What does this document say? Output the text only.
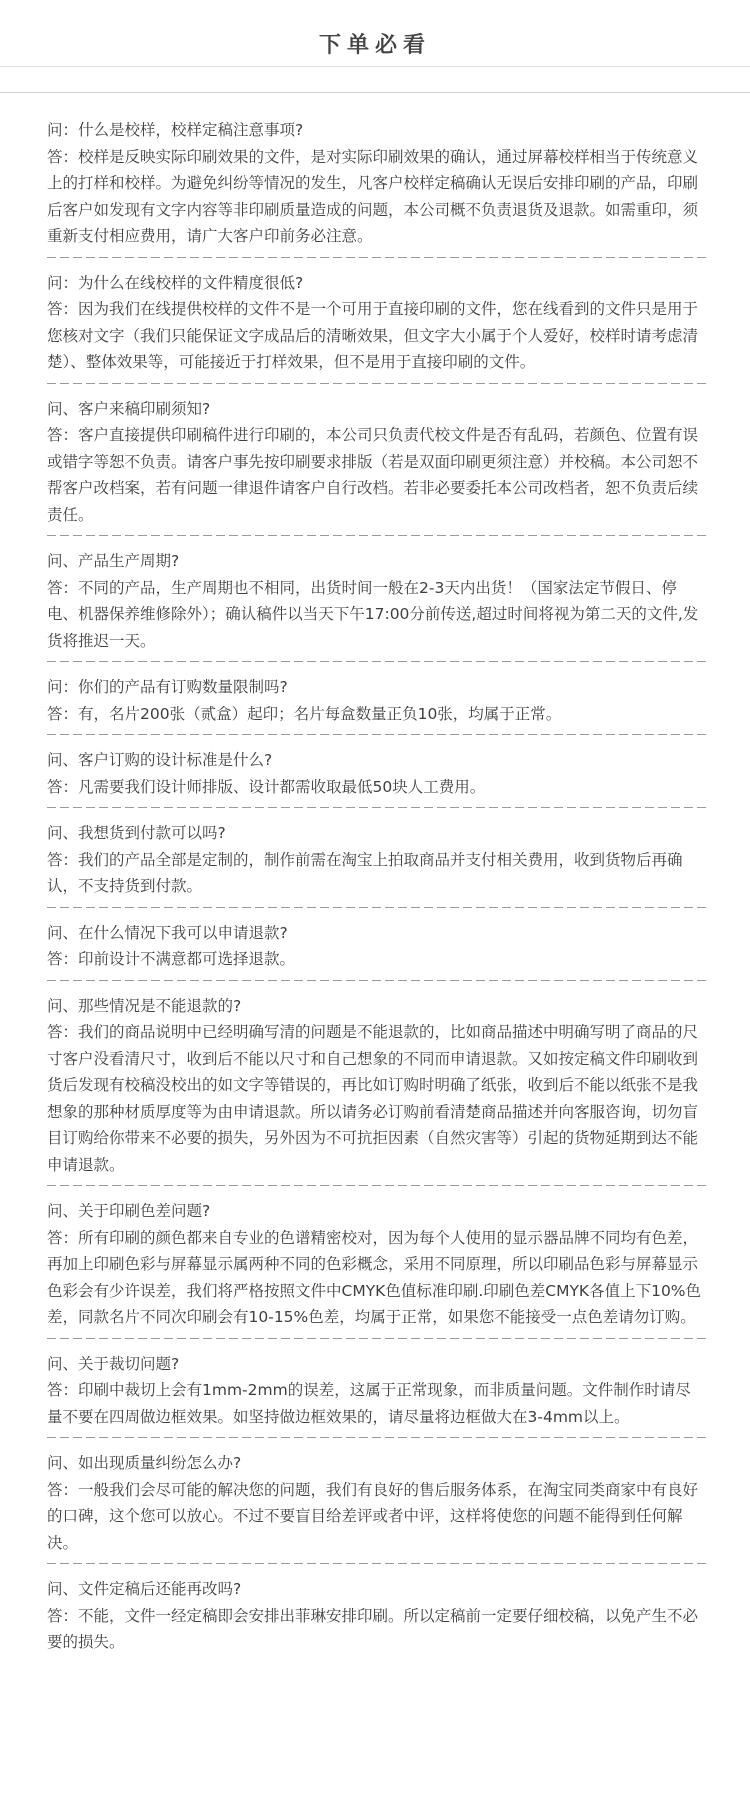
下单必看

问：什么是校样，校样定稿注意事项?

答：校样是反映实际印刷效果的文件，是对实际印刷效果的确认，通过屏幕校样相当于传统意义上的打样和校样。为避免纠纷等情况的发生，凡客户校样定稿确认无误后安排印刷的产品，印刷后客户如发现有文字内容等非印刷质量造成的问题，本公司概不负责退货及退款。如需重印，须重新支付相应费用，请广大客户印前务必注意。

问：为什么在线校样的文件精度很低?

答：因为我们在线提供校样的文件不是一个可用于直接印刷的文件，您在线看到的文件只是用于您核对文字（我们只能保证文字成品后的清晰效果，但文字大小属于个人爱好，校样时请考虑清楚）、整体效果等，可能接近于打样效果，但不是用于直接印刷的文件。

问、客户来稿印刷须知?

答：客户直接提供印刷稿件进行印刷的，本公司只负责代校文件是否有乱码，若颜色、位置有误或错字等恕不负责。请客户事先按印刷要求排版（若是双面印刷更须注意）并校稿。本公司恕不帮客户改档案，若有问题一律退件请客户自行改档。若非必要委托本公司改档者，恕不负责后续责任。

问、产品生产周期?

答：不同的产品，生产周期也不相同，出货时间一般在2-3天内出货！（国家法定节假日、停电、机器保养维修除外）；确认稿件以当天下午17:00分前传送,超过时间将视为第二天的文件,发货将推迟一天。

问：你们的产品有订购数量限制吗?

答：有，名片200张（贰盒）起印；名片每盒数量正负10张，均属于正常。

问、客户订购的设计标准是什么?

答：凡需要我们设计师排版、设计都需收取最低50块人工费用。

问、我想货到付款可以吗?

答：我们的产品全部是定制的，制作前需在淘宝上拍取商品并支付相关费用，收到货物后再确认，不支持货到付款。

问、在什么情况下我可以申请退款?

答：印前设计不满意都可选择退款。

问、那些情况是不能退款的?

答：我们的商品说明中已经明确写清的问题是不能退款的，比如商品描述中明确写明了商品的尺寸客户没看清尺寸，收到后不能以尺寸和自己想象的不同而申请退款。又如按定稿文件印刷收到货后发现有校稿没校出的如文字等错误的，再比如订购时明确了纸张，收到后不能以纸张不是我想象的那种材质厚度等为由申请退款。所以请务必订购前看清楚商品描述并向客服咨询，切勿盲目订购给你带来不必要的损失，另外因为不可抗拒因素（自然灾害等）引起的货物延期到达不能申请退款。

问、关于印刷色差问题?

答：所有印刷的颜色都来自专业的色谱精密校对，因为每个人使用的显示器品牌不同均有色差，再加上印刷色彩与屏幕显示属两种不同的色彩概念，采用不同原理，所以印刷品色彩与屏幕显示色彩会有少许误差，我们将严格按照文件中CMYK色值标准印刷.印刷色差CMYK各值上下10%色差，同款名片不同次印刷会有10-15%色差，均属于正常，如果您不能接受一点色差请勿订购。

问、关于裁切问题?

答：印刷中裁切上会有1mm-2mm的误差，这属于正常现象，而非质量问题。文件制作时请尽量不要在四周做边框效果。如坚持做边框效果的，请尽量将边框做大在3-4mm以上。

问、如出现质量纠纷怎么办?

答：一般我们会尽可能的解决您的问题，我们有良好的售后服务体系，在淘宝同类商家中有良好的口碑，这个您可以放心。不过不要盲目给差评或者中评，这样将使您的问题不能得到任何解决。

问、文件定稿后还能再改吗?

答：不能，文件一经定稿即会安排出菲琳安排印刷。所以定稿前一定要仔细校稿，以免产生不必要的损失。
